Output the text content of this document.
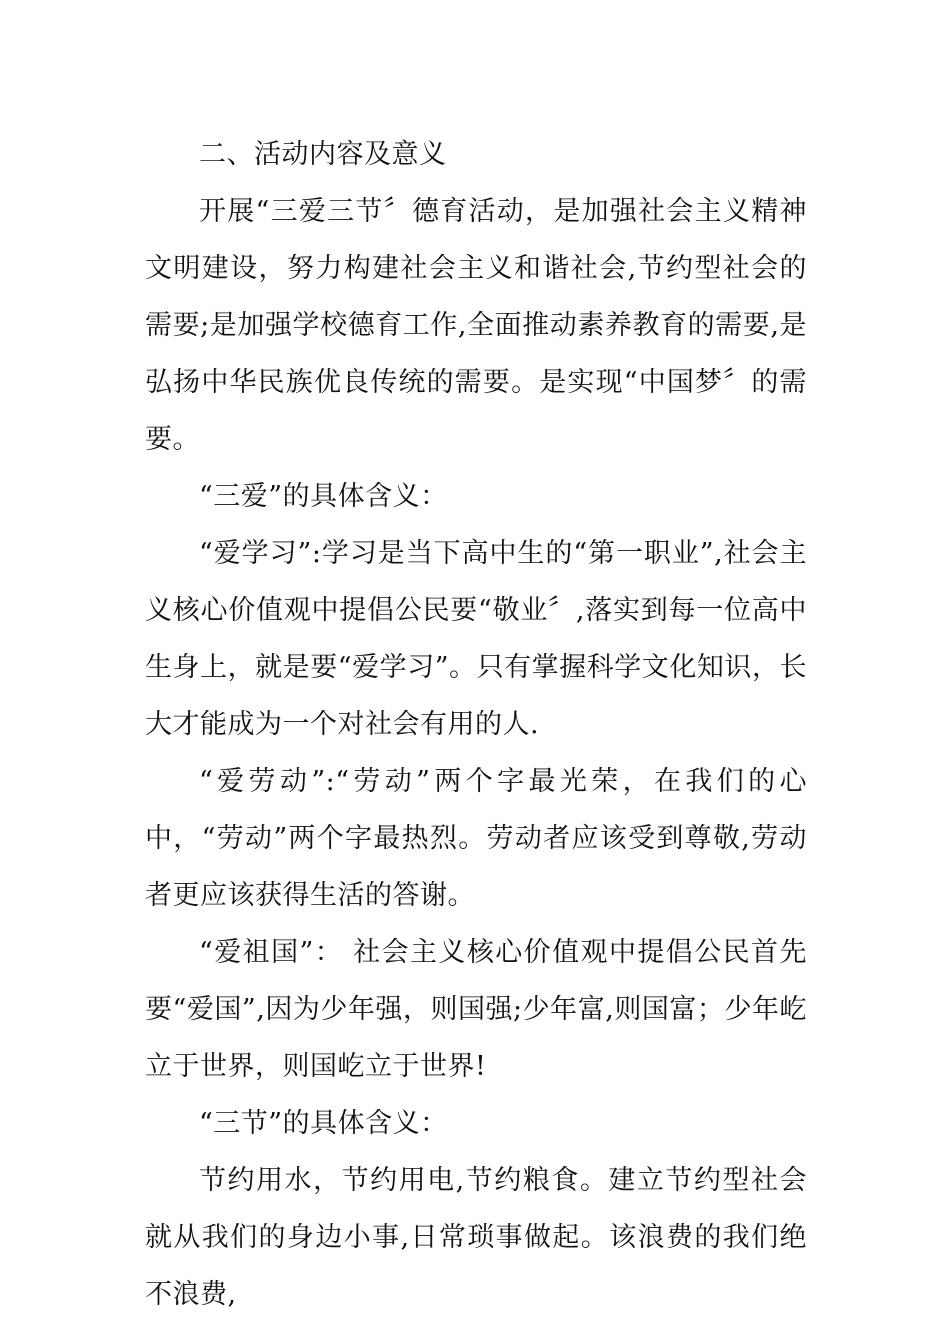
二、活动内容及意义

开展“三爱三节〞德育活动，是加强社会主义精神文明建设，努力构建社会主义和谐社会,节约型社会的需要;是加强学校德育工作,全面推动素养教育的需要,是弘扬中华民族优良传统的需要。是实现“中国梦〞的需要。

“三爱”的具体含义：

“爱学习”:学习是当下高中生的“第一职业”,社会主义核心价值观中提倡公民要“敬业〞,落实到每一位高中生身上，就是要“爱学习”。只有掌握科学文化知识，长大才能成为一个对社会有用的人.

“爱劳动”:“劳动”两个字最光荣，在我们的心中，“劳动”两个字最热烈。劳动者应该受到尊敬,劳动者更应该获得生活的答谢。

“爱祖国”： 社会主义核心价值观中提倡公民首先要“爱国”,因为少年强，则国强;少年富,则国富；少年屹立于世界，则国屹立于世界!

“三节”的具体含义：

节约用水，节约用电,节约粮食。建立节约型社会就从我们的身边小事,日常琐事做起。该浪费的我们绝不浪费,
